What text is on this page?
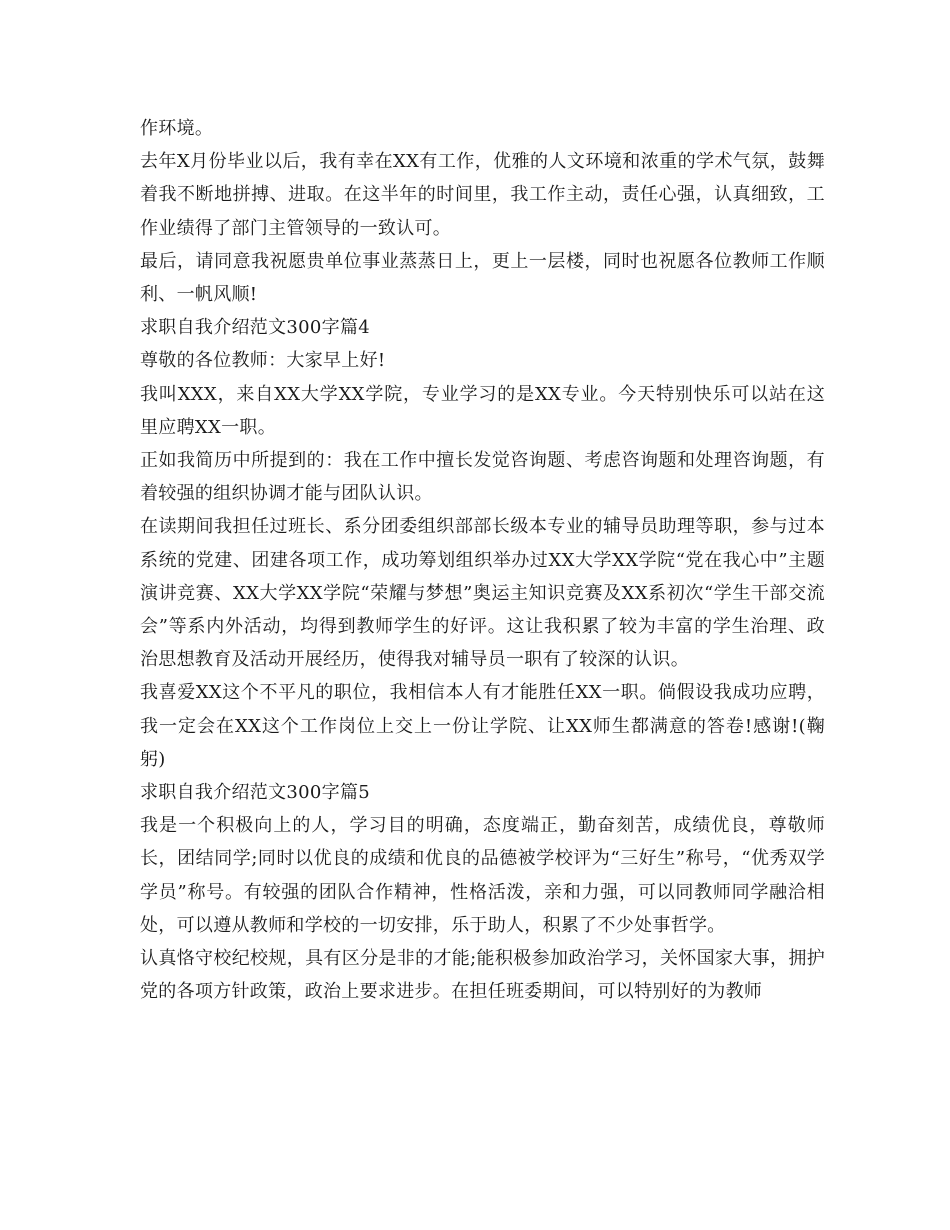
作环境。

去年X月份毕业以后，我有幸在XX有工作，优雅的人文环境和浓重的学术气氛，鼓舞着我不断地拼搏、进取。在这半年的时间里，我工作主动，责任心强，认真细致，工作业绩得了部门主管领导的一致认可。

最后，请同意我祝愿贵单位事业蒸蒸日上，更上一层楼，同时也祝愿各位教师工作顺利、一帆风顺!

求职自我介绍范文300字篇4

尊敬的各位教师：大家早上好!

我叫XXX，来自XX大学XX学院，专业学习的是XX专业。今天特别快乐可以站在这里应聘XX一职。

正如我简历中所提到的：我在工作中擅长发觉咨询题、考虑咨询题和处理咨询题，有着较强的组织协调才能与团队认识。

在读期间我担任过班长、系分团委组织部部长级本专业的辅导员助理等职，参与过本系统的党建、团建各项工作，成功筹划组织举办过XX大学XX学院“党在我心中”主题演讲竞赛、XX大学XX学院“荣耀与梦想”奥运主知识竞赛及XX系初次“学生干部交流会”等系内外活动，均得到教师学生的好评。这让我积累了较为丰富的学生治理、政治思想教育及活动开展经历，使得我对辅导员一职有了较深的认识。

我喜爱XX这个不平凡的职位，我相信本人有才能胜任XX一职。倘假设我成功应聘，我一定会在XX这个工作岗位上交上一份让学院、让XX师生都满意的答卷!感谢!(鞠躬)

求职自我介绍范文300字篇5

我是一个积极向上的人，学习目的明确，态度端正，勤奋刻苦，成绩优良，尊敬师长，团结同学;同时以优良的成绩和优良的品德被学校评为“三好生”称号，“优秀双学学员”称号。有较强的团队合作精神，性格活泼，亲和力强，可以同教师同学融洽相处，可以遵从教师和学校的一切安排，乐于助人，积累了不少处事哲学。

认真恪守校纪校规，具有区分是非的才能;能积极参加政治学习，关怀国家大事，拥护党的各项方针政策，政治上要求进步。在担任班委期间，可以特别好的为教师
